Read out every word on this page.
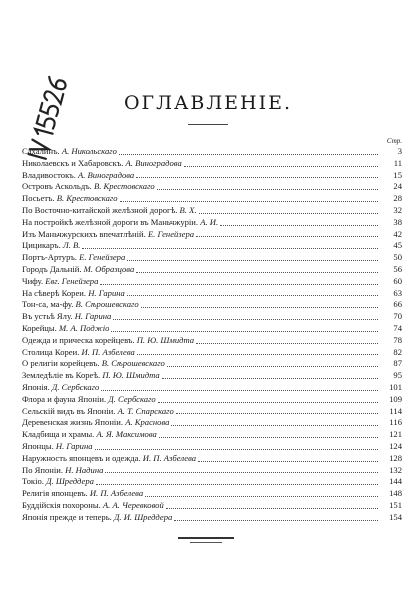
ОГЛАВЛЕНІЕ.
Стр.
Сахалинъ. А. Никольскаго	3
Николаевскъ и Хабаровскъ. А. Виноградова	11
Владивостокъ. А. Виноградова	15
Островъ Аскольдъ. В. Крестовскаго	24
Посьетъ. В. Крестовскаго	28
По Восточно-китайской желѣзной дорогѣ. В. Х.	32
На постройкѣ желѣзной дороги въ Маньчжуріи. А. И.	38
Изъ Маньчжурскихъ впечатлѣній. Е. Генейзера	42
Цицикаръ. Л. В.	45
Портъ-Артуръ. Е. Генейзера	50
Городъ Дальній. М. Образцова	56
Чифу. Евг. Генейзера	60
На сѣверѣ Кореи. Н. Гарина	63
Тон-са, ма-фу. В. Сѣрошевскаго	66
Въ устьѣ Ялу. Н. Гарина	70
Корейцы. М. А. Поджіо	74
Одежда и прическа корейцевъ. П. Ю. Шмидта	78
Столица Кореи. И. П. Азбелева	82
О религіи корейцевъ. В. Сѣрошевскаго	87
Земледѣліе въ Кореѣ. П. Ю. Шмидта	95
Японія. Д. Сербскаго	101
Флора и фауна Японіи. Д. Сербскаго	109
Сельскій видъ въ Японіи. А. Т. Спарскаго	114
Деревенская жизнь Японіи. А. Краснова	116
Кладбища и храмы. А. Я. Максимова	121
Японцы. Н. Гарина	124
Наружность японцевъ и одежда. И. П. Азбелева	128
По Японіи. Н. Надина	132
Токіо. Д. Шреддера	144
Религія японцевъ. И. П. Азбелева	148
Буддійскія похороны. А. А. Черевковой	151
Японія прежде и теперь. Д. И. Шреддера	154
